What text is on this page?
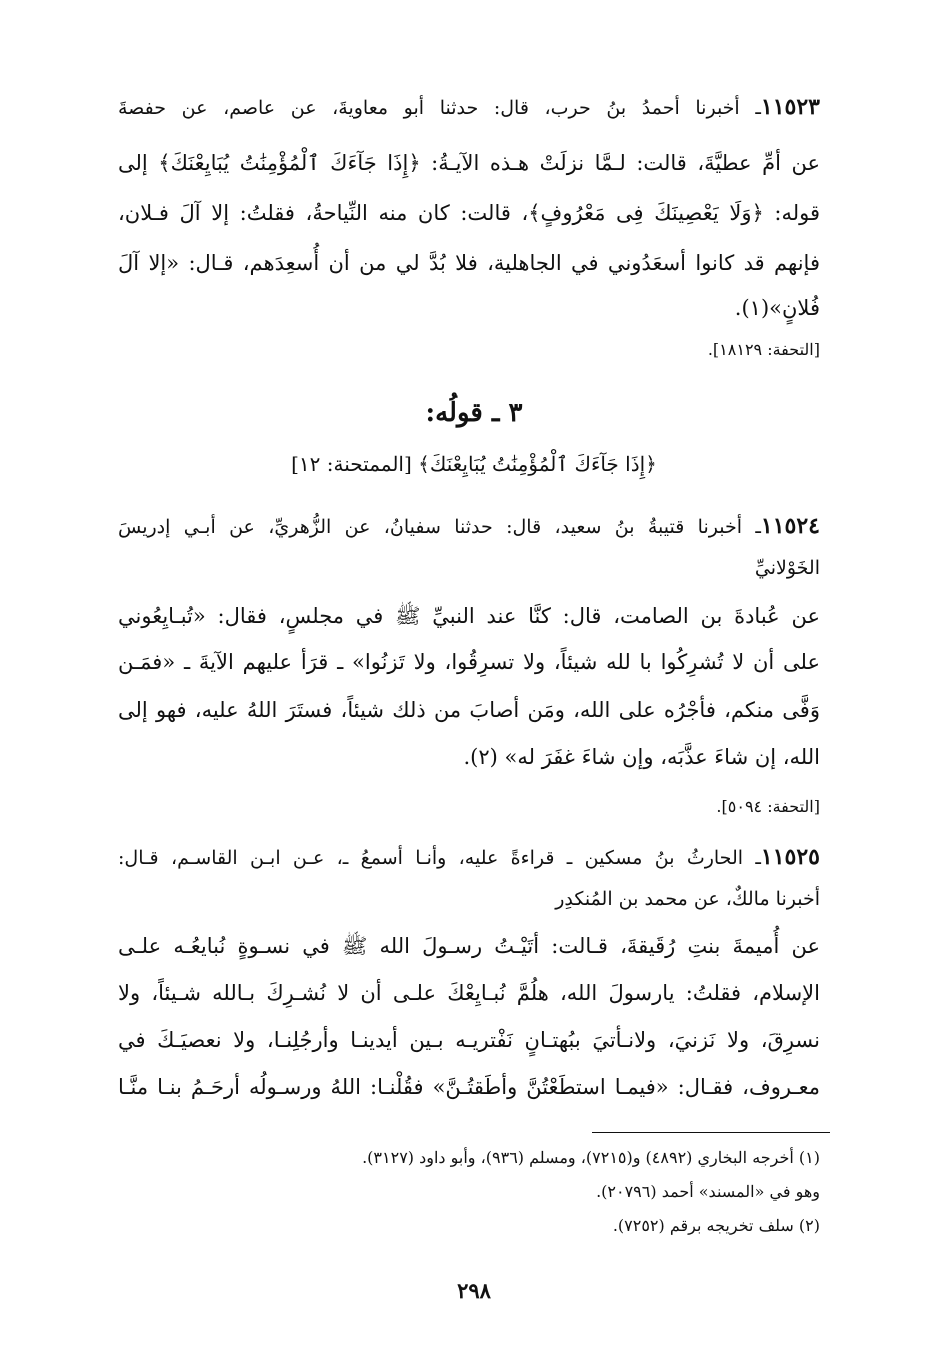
١١٥٢٣ـ أخبرنا أحمدُ بنُ حرب، قال: حدثنا أبو معاويةَ، عن عاصم، عن حفصةَ
عن أمِّ عطيَّةَ، قالت: لـمَّا نزلَتْ هـذه الآيـةُ: ﴿إِذَا جَآءَكَ ٱلْمُؤْمِنَٰتُ يُبَايِعْنَكَ﴾ إلى
قوله: ﴿وَلَا يَعْصِينَكَ فِى مَعْرُوفٍ﴾، قالت: كان منه النِّياحةُ، فقلتُ: إلا آلَ فـلان،
فإنهم قد كانوا أسعَدُوني في الجاهلية، فلا بُدَّ لي من أن أُسعِدَهم، قـال: «إلا آلَ
فُلانٍ»(١).
[التحفة: ١٨١٢٩].
٣ ـ قولُه:
﴿إِذَا جَآءَكَ ٱلْمُؤْمِنَٰتُ يُبَايِعْنَكَ﴾ [الممتحنة: ١٢]
١١٥٢٤ـ أخبرنا قتيبةُ بنُ سعيد، قال: حدثنا سفيانُ، عن الزُّهريِّ، عن أبـي إدريسَ
الخَوْلانيِّ
عن عُبادةَ بن الصامت، قال: كنَّا عند النبيِّ ﷺ في مجلسٍ، فقال: «تُبـايِعُوني
على أن لا تُشرِكُوا با لله شيئاً، ولا تسرِقُوا، ولا تَزنُوا» ـ قرَأ عليهم الآيةَ ـ «فمَـن
وَفَّى منكم، فأجْرُه على الله، ومَن أصابَ من ذلك شيئاً، فستَرَ اللهُ عليه، فهو إلى
الله، إن شاءَ عذَّبَه، وإن شاءَ غفَرَ له» (٢).
[التحفة: ٥٠٩٤].
١١٥٢٥ـ الحارثُ بنُ مسكين ـ قراءةً عليه، وأنـا أسمعُ ـ، عـن ابـن القاسـم، قـال:
أخبرنا مالكٌ، عن محمد بن المُنكدِر
عن أُميمةَ بنتِ رُقَيقةَ، قـالت: أتَيْـتُ رسـولَ الله ﷺ في نسـوةٍ نُبايعُـه علـى
الإسلام، فقلتُ: يارسولَ الله، هلُمَّ نُبـايِعْكَ علـى أن لا نُشـرِكَ بـالله شـيئاً، ولا
نسرِقَ، ولا نَزنيَ، ولانـأتيَ ببُهتـانٍ نَفْتريـه بـين أيدينـا وأرجُلِنـا، ولا نعصيَـكَ في
معـروف، فقـال: «فيمـا استطَعْتُنَّ وأطَقتُـنَّ» فقُلْنـا: اللهُ ورسـولُه أرحَـمُ بنـا منَّـا
(١) أخرجه البخاري (٤٨٩٢) و(٧٢١٥)، ومسلم (٩٣٦)، وأبو داود (٣١٢٧).
وهو في «المسند» أحمد (٢٠٧٩٦).
(٢) سلف تخريجه برقم (٧٢٥٢).
٢٩٨
